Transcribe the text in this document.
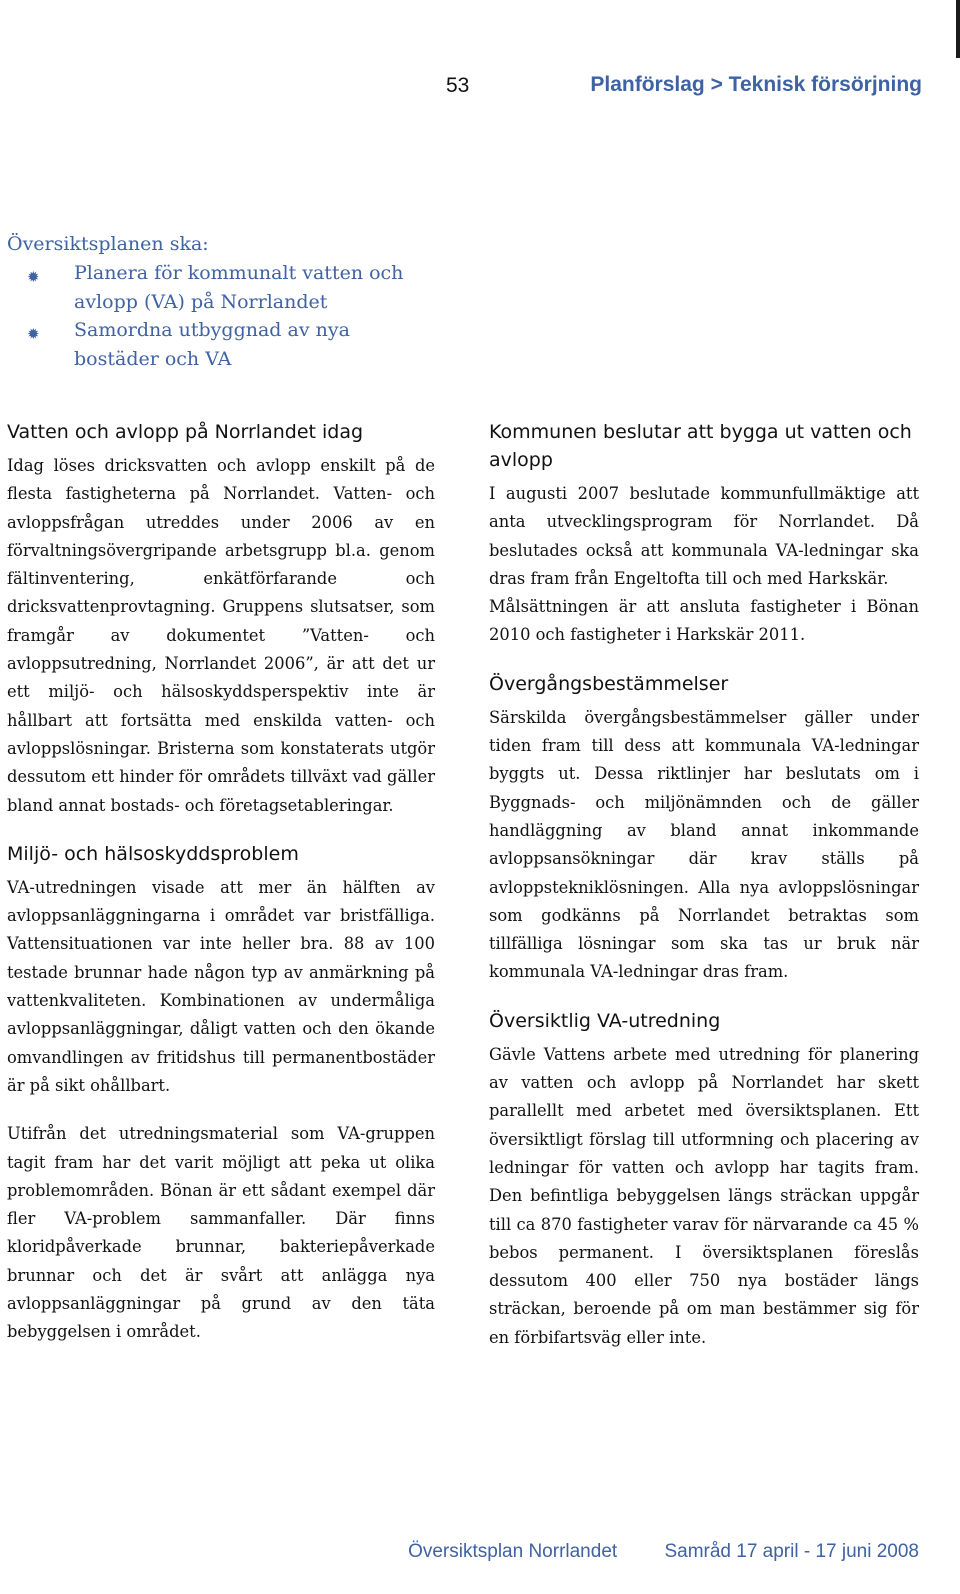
53	Planförslag > Teknisk försörjning
Översiktsplanen ska:
✹ Planera för kommunalt vatten och avlopp (VA) på Norrlandet
✹ Samordna utbyggnad av nya bostäder och VA
Vatten och avlopp på Norrlandet idag

Idag löses dricksvatten och avlopp enskilt på de flesta fastigheterna på Norrlandet. Vatten- och avloppsfrågan utreddes under 2006 av en förvaltningsövergripande arbetsgrupp bl.a. genom fältinventering, enkätförfarande och dricksvattenprovtagning. Gruppens slutsatser, som framgår av dokumentet ”Vatten- och avloppsutredning, Norrlandet 2006”, är att det ur ett miljö- och hälsoskyddsperspektiv inte är hållbart att fortsätta med enskilda vatten- och avloppslösningar. Bristerna som konstaterats utgör dessutom ett hinder för områdets tillväxt vad gäller bland annat bostads- och företagsetableringar.

Miljö- och hälsoskyddsproblem

VA-utredningen visade att mer än hälften av avloppsanläggningarna i området var bristfälliga. Vattensituationen var inte heller bra. 88 av 100 testade brunnar hade någon typ av anmärkning på vattenkvaliteten. Kombinationen av undermåliga avloppsanläggningar, dåligt vatten och den ökande omvandlingen av fritidshus till permanentbostäder är på sikt ohållbart.

Utifrån det utredningsmaterial som VA-gruppen tagit fram har det varit möjligt att peka ut olika problemområden. Bönan är ett sådant exempel där fler VA-problem sammanfaller. Där finns kloridpåverkade brunnar, bakteriepåverkade brunnar och det är svårt att anlägga nya avloppsanläggningar på grund av den täta bebyggelsen i området.

Kommunen beslutar att bygga ut vatten och avlopp

I augusti 2007 beslutade kommunfullmäktige att anta utvecklingsprogram för Norrlandet. Då beslutades också att kommunala VA-ledningar ska dras fram från Engeltofta till och med Harkskär.

Målsättningen är att ansluta fastigheter i Bönan 2010 och fastigheter i Harkskär 2011.

Övergångsbestämmelser

Särskilda övergångsbestämmelser gäller under tiden fram till dess att kommunala VA-ledningar byggts ut. Dessa riktlinjer har beslutats om i Byggnads- och miljönämnden och de gäller handläggning av bland annat inkommande avloppsansökningar där krav ställs på avloppstekniklösningen. Alla nya avloppslösningar som godkänns på Norrlandet betraktas som tillfälliga lösningar som ska tas ur bruk när kommunala VA-ledningar dras fram.

Översiktlig VA-utredning

Gävle Vattens arbete med utredning för planering av vatten och avlopp på Norrlandet har skett parallellt med arbetet med översiktsplanen. Ett översiktligt förslag till utformning och placering av ledningar för vatten och avlopp har tagits fram. Den befintliga bebyggelsen längs sträckan uppgår till ca 870 fastigheter varav för närvarande ca 45 % bebos permanent. I översiktsplanen föreslås dessutom 400 eller 750 nya bostäder längs sträckan, beroende på om man bestämmer sig för en förbifartsväg eller inte.

Översiktsplan Norrlandet Samråd 17 april - 17 juni 2008
